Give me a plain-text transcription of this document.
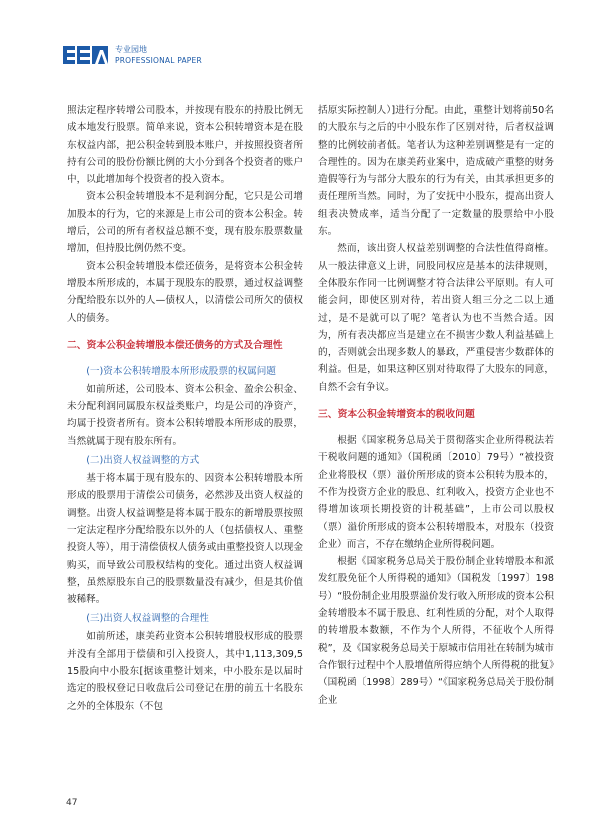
专业园地
PROFESSIONAL PAPER

照法定程序转增公司股本，并按现有股东的持股比例无成本地发行股票。简单来说，资本公积转增资本是在股东权益内部，把公积金转到股本账户，并按照投资者所持有公司的股份份额比例的大小分到各个投资者的账户中，以此增加每个投资者的投入资本。

资本公积金转增股本不是利润分配，它只是公司增加股本的行为，它的来源是上市公司的资本公积金。转增后，公司的所有者权益总额不变，现有股东股票数量增加，但持股比例仍然不变。

资本公积金转增股本偿还债务，是将资本公积金转增股本所形成的，本属于现股东的股票，通过权益调整分配给股东以外的人—债权人，以清偿公司所欠的债权人的债务。

二、资本公积金转增股本偿还债务的方式及合理性
(一)资本公积转增股本所形成股票的权属问题

如前所述，公司股本、资本公积金、盈余公积金、未分配利润同属股东权益类账户，均是公司的净资产，均属于投资者所有。资本公积转增股本所形成的股票，当然就属于现有股东所有。

(二)出资人权益调整的方式

基于将本属于现有股东的、因资本公积转增股本所形成的股票用于清偿公司债务，必然涉及出资人权益的调整。出资人权益调整是将本属于股东的新增股票按照一定法定程序分配给股东以外的人（包括债权人、重整投资人等），用于清偿债权人债务或由重整投资人以现金购买，而导致公司股权结构的变化。通过出资人权益调整，虽然原股东自己的股票数量没有减少，但是其价值被稀释。

(三)出资人权益调整的合理性

如前所述，康美药业资本公积转增股权形成的股票并没有全部用于偿债和引入投资人，其中1,113,309,515股向中小股东[据该重整计划来，中小股东是以届时选定的股权登记日收盘后公司登记在册的前五十名股东之外的全体股东（不包

括原实际控制人）]进行分配。由此，重整计划将前50名的大股东与之后的中小股东作了区别对待，后者权益调整的比例较前者低。笔者认为这种差别调整是有一定的合理性的。因为在康美药业案中，造成破产重整的财务造假等行为与部分大股东的行为有关，由其承担更多的责任理所当然。同时，为了安抚中小股东，提高出资人组表决赞成率，适当分配了一定数量的股票给中小股东。

然而，该出资人权益差别调整的合法性值得商榷。从一般法律意义上讲，同股同权应是基本的法律规则，全体股东作同一比例调整才符合法律公平原则。有人可能会问，即使区别对待，若出资人组三分之二以上通过，是不是就可以了呢？笔者认为也不当然合适。因为，所有表决都应当是建立在不损害少数人利益基础上的，否则就会出现多数人的暴政，严重侵害少数群体的利益。但是，如果这种区别对待取得了大股东的同意，自然不会有争议。

三、资本公积金转增资本的税收问题

根据《国家税务总局关于贯彻落实企业所得税法若干税收问题的通知》（国税函〔2010〕79号）“被投资企业将股权（票）溢价所形成的资本公积转为股本的，不作为投资方企业的股息、红利收入，投资方企业也不得增加该项长期投资的计税基础”，上市公司以股权（票）溢价所形成的资本公积转增股本，对股东（投资企业）而言，不存在缴纳企业所得税问题。

根据《国家税务总局关于股份制企业转增股本和派发红股免征个人所得税的通知》（国税发〔1997〕198号）“股份制企业用股票溢价发行收入所形成的资本公积金转增股本不属于股息、红利性质的分配，对个人取得的转增股本数额，不作为个人所得，不征收个人所得税”，及《国家税务总局关于原城市信用社在转制为城市合作银行过程中个人股增值所得应纳个人所得税的批复》（国税函〔1998〕289号）“《国家税务总局关于股份制企业

47
